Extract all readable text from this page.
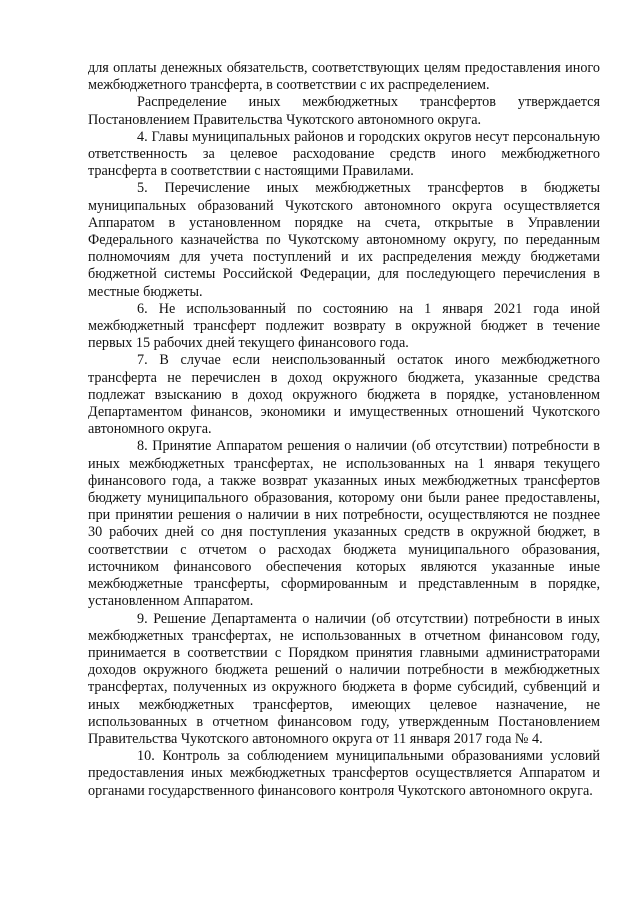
для оплаты денежных обязательств, соответствующих целям предоставления иного межбюджетного трансферта, в соответствии с их распределением.

Распределение иных межбюджетных трансфертов утверждается Постановлением Правительства Чукотского автономного округа.

4. Главы муниципальных районов и городских округов несут персональную ответственность за целевое расходование средств иного межбюджетного трансферта в соответствии с настоящими Правилами.

5. Перечисление иных межбюджетных трансфертов в бюджеты муниципальных образований Чукотского автономного округа осуществляется Аппаратом в установленном порядке на счета, открытые в Управлении Федерального казначейства по Чукотскому автономному округу, по переданным полномочиям для учета поступлений и их распределения между бюджетами бюджетной системы Российской Федерации, для последующего перечисления в местные бюджеты.

6. Не использованный по состоянию на 1 января 2021 года иной межбюджетный трансферт подлежит возврату в окружной бюджет в течение первых 15 рабочих дней текущего финансового года.

7. В случае если неиспользованный остаток иного межбюджетного трансферта не перечислен в доход окружного бюджета, указанные средства подлежат взысканию в доход окружного бюджета в порядке, установленном Департаментом финансов, экономики и имущественных отношений Чукотского автономного округа.

8. Принятие Аппаратом решения о наличии (об отсутствии) потребности в иных межбюджетных трансфертах, не использованных на 1 января текущего финансового года, а также возврат указанных иных межбюджетных трансфертов бюджету муниципального образования, которому они были ранее предоставлены, при принятии решения о наличии в них потребности, осуществляются не позднее 30 рабочих дней со дня поступления указанных средств в окружной бюджет, в соответствии с отчетом о расходах бюджета муниципального образования, источником финансового обеспечения которых являются указанные иные межбюджетные трансферты, сформированным и представленным в порядке, установленном Аппаратом.

9. Решение Департамента о наличии (об отсутствии) потребности в иных межбюджетных трансфертах, не использованных в отчетном финансовом году, принимается в соответствии с Порядком принятия главными администраторами доходов окружного бюджета решений о наличии потребности в межбюджетных трансфертах, полученных из окружного бюджета в форме субсидий, субвенций и иных межбюджетных трансфертов, имеющих целевое назначение, не использованных в отчетном финансовом году, утвержденным Постановлением Правительства Чукотского автономного округа от 11 января 2017 года № 4.

10. Контроль за соблюдением муниципальными образованиями условий предоставления иных межбюджетных трансфертов осуществляется Аппаратом и органами государственного финансового контроля Чукотского автономного округа.
